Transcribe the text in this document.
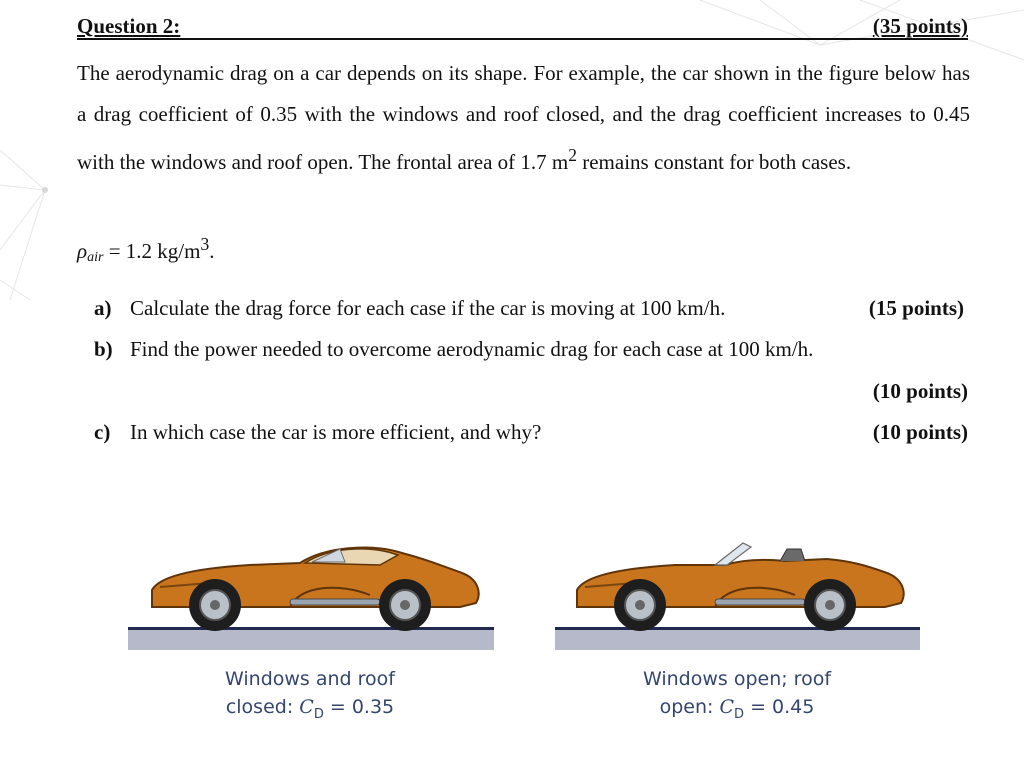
Question 2:	(35 points)
The aerodynamic drag on a car depends on its shape. For example, the car shown in the figure below has a drag coefficient of 0.35 with the windows and roof closed, and the drag coefficient increases to 0.45 with the windows and roof open. The frontal area of 1.7 $m^2$ remains constant for both cases.
ρair = 1.2 $kg/m^3$.
a) Calculate the drag force for each case if the car is moving at 100 km/h.	(15 points)
b) Find the power needed to overcome aerodynamic drag for each case at 100 km/h.
(10 points)
c) In which case the car is more efficient, and why?	(10 points)
Windows and roof
closed: $C_D = 0.35$
Windows open; roof
open: $C_D = 0.45$
